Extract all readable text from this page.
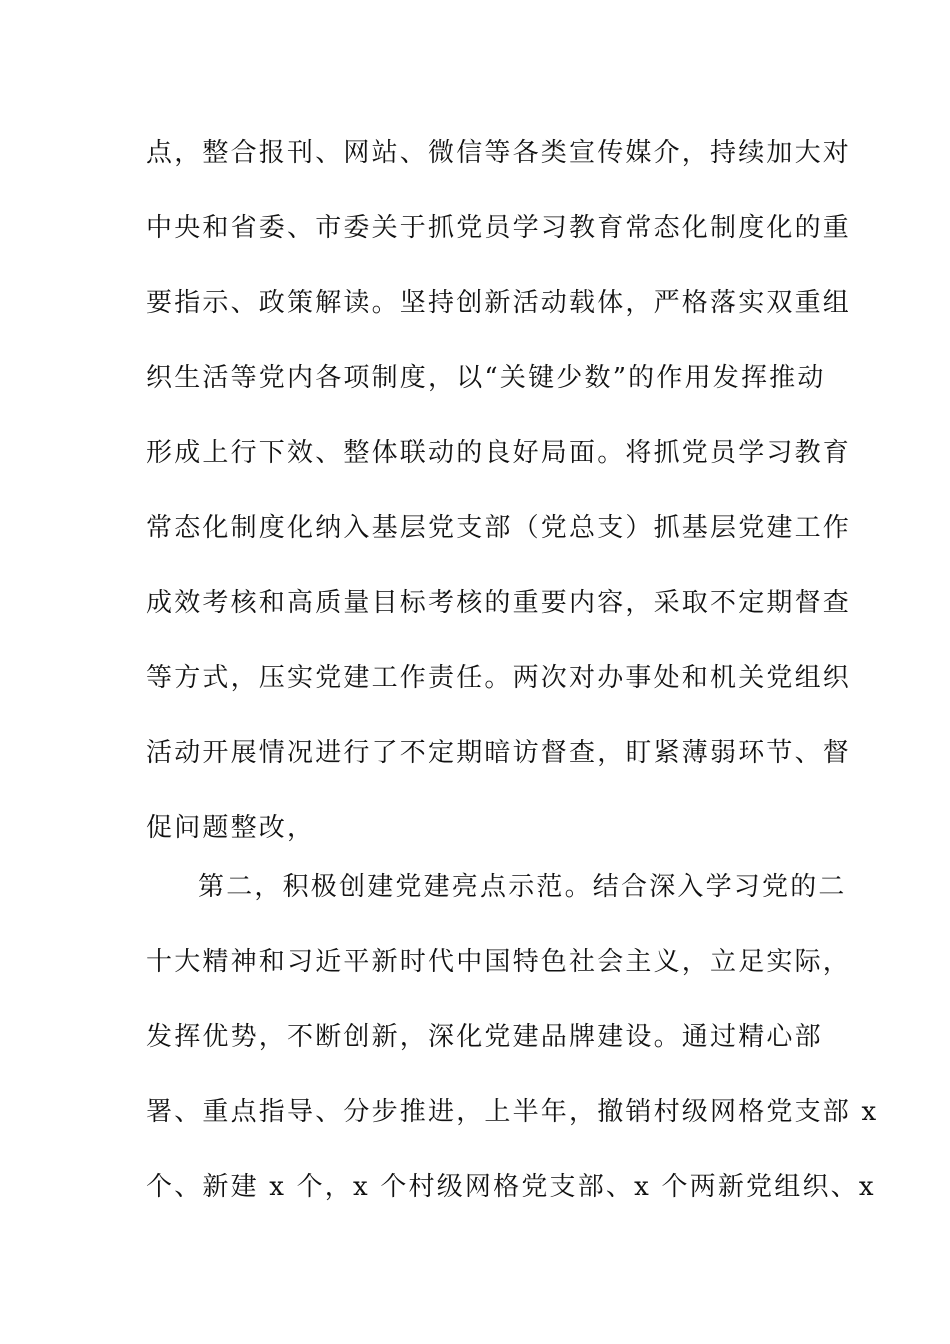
点，整合报刊、网站、微信等各类宣传媒介，持续加大对
中央和省委、市委关于抓党员学习教育常态化制度化的重
要指示、政策解读。坚持创新活动载体，严格落实双重组
织生活等党内各项制度，以“关键少数”的作用发挥推动
形成上行下效、整体联动的良好局面。将抓党员学习教育
常态化制度化纳入基层党支部（党总支）抓基层党建工作
成效考核和高质量目标考核的重要内容，采取不定期督查
等方式，压实党建工作责任。两次对办事处和机关党组织
活动开展情况进行了不定期暗访督查，盯紧薄弱环节、督
促问题整改，
第二，积极创建党建亮点示范。结合深入学习党的二
十大精神和习近平新时代中国特色社会主义，立足实际，
发挥优势，不断创新，深化党建品牌建设。通过精心部
署、重点指导、分步推进，上半年，撤销村级网格党支部 x
个、新建 x 个，x 个村级网格党支部、x 个两新党组织、x
